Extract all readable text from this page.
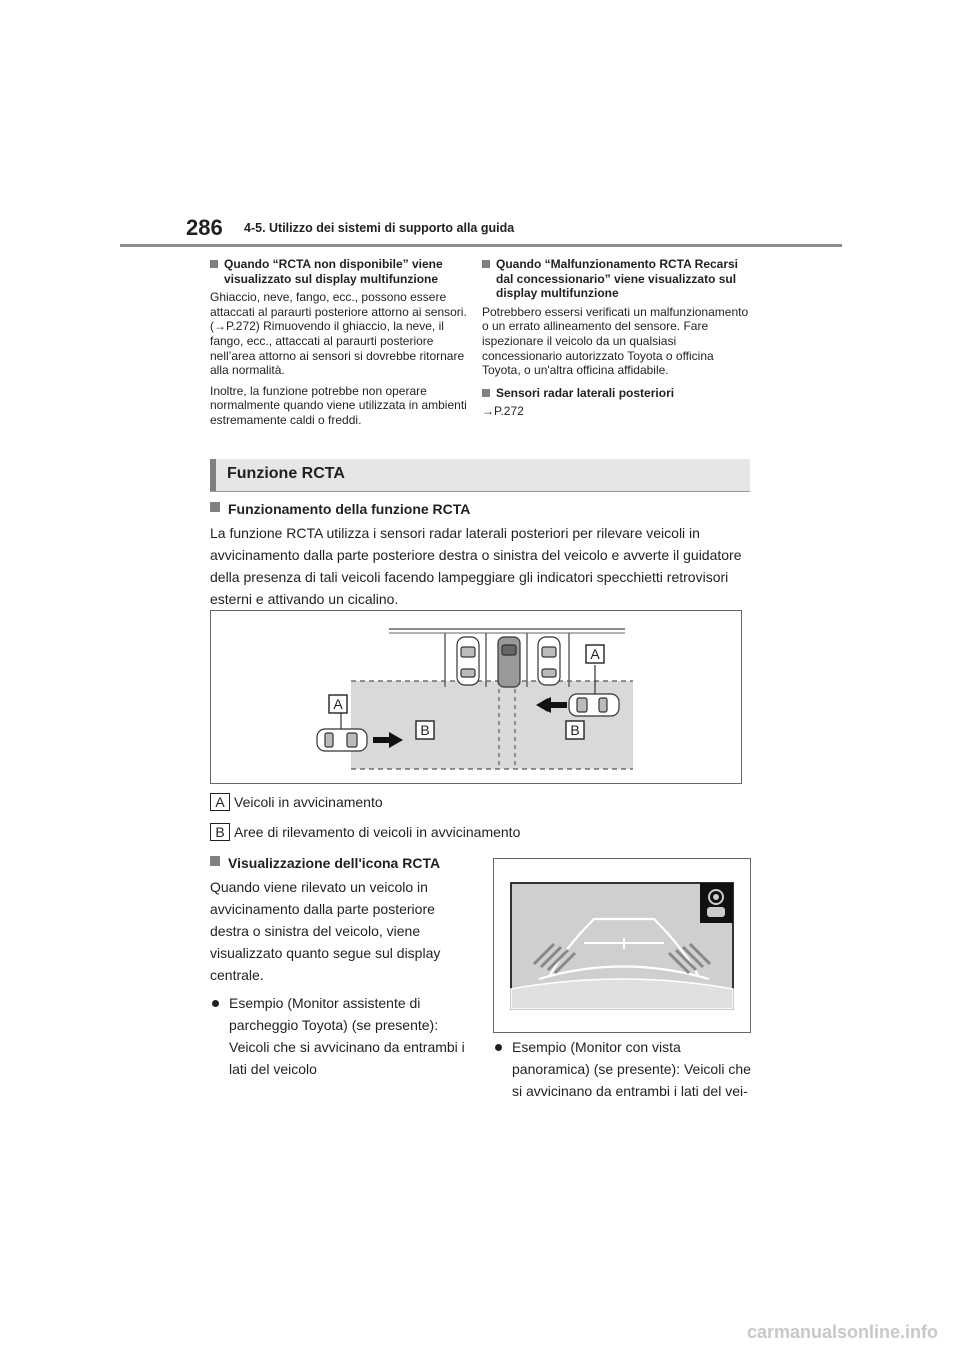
286 4-5. Utilizzo dei sistemi di supporto alla guida
Quando “RCTA non disponibile” viene visualizzato sul display multifunzione

Ghiaccio, neve, fango, ecc., possono essere attaccati al paraurti posteriore attorno ai sensori. (→P.272) Rimuovendo il ghiaccio, la neve, il fango, ecc., attaccati al paraurti posteriore nell’area attorno ai sensori si dovrebbe ritornare alla normalità.

Inoltre, la funzione potrebbe non operare normalmente quando viene utilizzata in ambienti estremamente caldi o freddi.

Quando “Malfunzionamento RCTA Recarsi dal concessionario” viene visualizzato sul display multifunzione

Potrebbero essersi verificati un malfunzionamento o un errato allineamento del sensore. Fare ispezionare il veicolo da un qualsiasi concessionario autorizzato Toyota o officina Toyota, o un'altra officina affidabile.

Sensori radar laterali posteriori

→P.272

Funzione RCTA
Funzionamento della funzione RCTA
La funzione RCTA utilizza i sensori radar laterali posteriori per rilevare veicoli in avvicinamento dalla parte posteriore destra o sinistra del veicolo e avverte il guidatore della presenza di tali veicoli facendo lampeggiare gli indicatori specchietti retrovisori esterni e attivando un cicalino.
A
A
B	B
A Veicoli in avvicinamento
B Aree di rilevamento di veicoli in avvicinamento
Visualizzazione dell'icona RCTA
Quando viene rilevato un veicolo in avvicinamento dalla parte posteriore destra o sinistra del veicolo, viene visualizzato quanto segue sul display centrale.
Esempio (Monitor assistente di parcheggio Toyota) (se presente): Veicoli che si avvicinano da entrambi i lati del veicolo
Esempio (Monitor con vista panoramica) (se presente): Veicoli che si avvicinano da entrambi i lati del vei-
carmanualsonline.info
